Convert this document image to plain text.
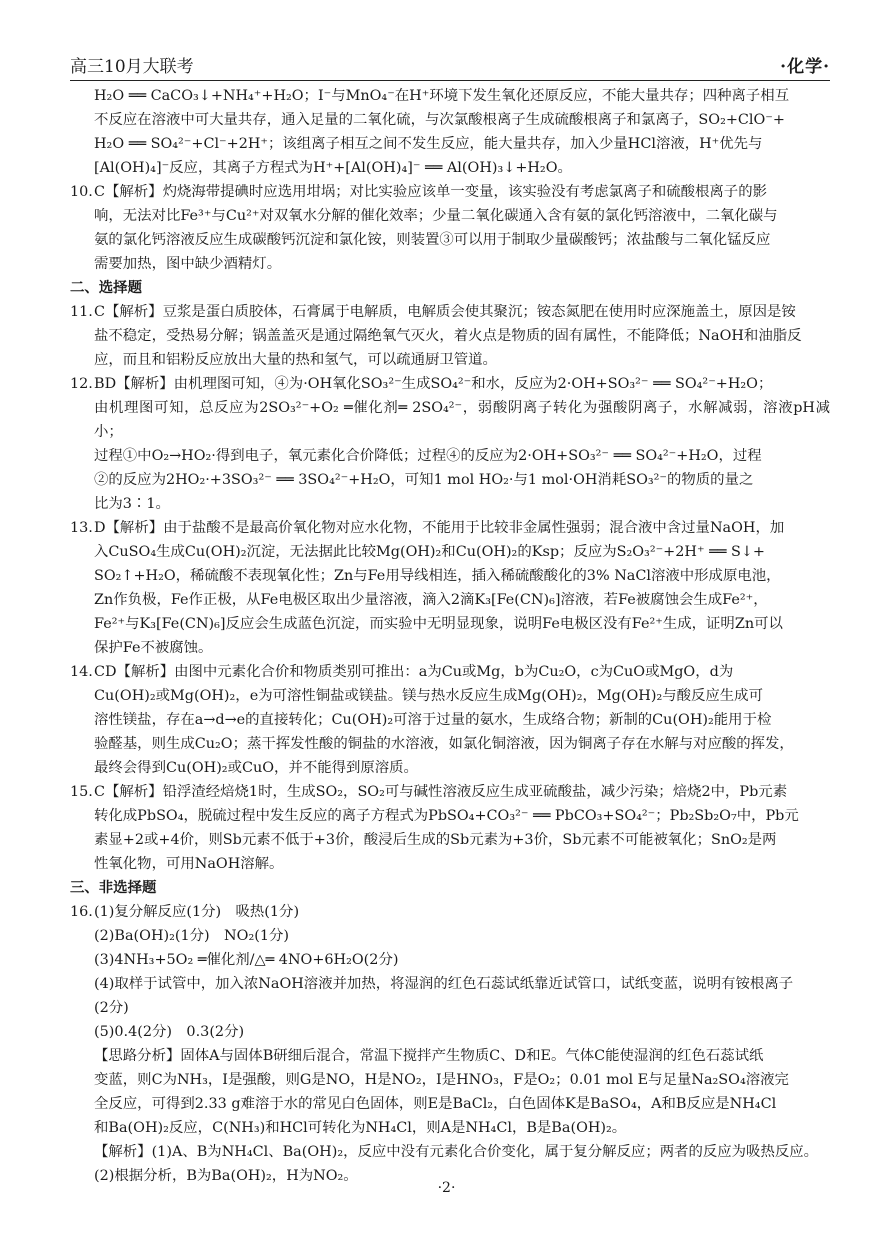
高三10月大联考	·化学·

H₂O ══ CaCO₃↓+NH₄⁺+H₂O；I⁻与MnO₄⁻在H⁺环境下发生氧化还原反应，不能大量共存；四种离子相互

不反应在溶液中可大量共存，通入足量的二氧化硫，与次氯酸根离子生成硫酸根离子和氯离子，SO₂+ClO⁻+

H₂O ══ SO₄²⁻+Cl⁻+2H⁺；该组离子相互之间不发生反应，能大量共存，加入少量HCl溶液，H⁺优先与

[Al(OH)₄]⁻反应，其离子方程式为H⁺+[Al(OH)₄]⁻ ══ Al(OH)₃↓+H₂O。

10.C【解析】灼烧海带提碘时应选用坩埚；对比实验应该单一变量，该实验没有考虑氯离子和硫酸根离子的影

响，无法对比Fe³⁺与Cu²⁺对双氧水分解的催化效率；少量二氧化碳通入含有氨的氯化钙溶液中，二氧化碳与

氨的氯化钙溶液反应生成碳酸钙沉淀和氯化铵，则装置③可以用于制取少量碳酸钙；浓盐酸与二氧化锰反应

需要加热，图中缺少酒精灯。

二、选择题

11.C【解析】豆浆是蛋白质胶体，石膏属于电解质，电解质会使其聚沉；铵态氮肥在使用时应深施盖土，原因是铵

盐不稳定，受热易分解；锅盖盖灭是通过隔绝氧气灭火，着火点是物质的固有属性，不能降低；NaOH和油脂反

应，而且和铝粉反应放出大量的热和氢气，可以疏通厨卫管道。

12.BD【解析】由机理图可知，④为·OH氧化SO₃²⁻生成SO₄²⁻和水，反应为2·OH+SO₃²⁻ ══ SO₄²⁻+H₂O；

由机理图可知，总反应为2SO₃²⁻+O₂ ═催化剂═ 2SO₄²⁻，弱酸阴离子转化为强酸阴离子，水解减弱，溶液pH减小；

过程①中O₂→HO₂·得到电子，氧元素化合价降低；过程④的反应为2·OH+SO₃²⁻ ══ SO₄²⁻+H₂O，过程

②的反应为2HO₂·+3SO₃²⁻ ══ 3SO₄²⁻+H₂O，可知1 mol HO₂·与1 mol·OH消耗SO₃²⁻的物质的量之

比为3∶1。

13.D【解析】由于盐酸不是最高价氧化物对应水化物，不能用于比较非金属性强弱；混合液中含过量NaOH，加

入CuSO₄生成Cu(OH)₂沉淀，无法据此比较Mg(OH)₂和Cu(OH)₂的Ksp；反应为S₂O₃²⁻+2H⁺ ══ S↓+

SO₂↑+H₂O，稀硫酸不表现氧化性；Zn与Fe用导线相连，插入稀硫酸酸化的3% NaCl溶液中形成原电池，

Zn作负极，Fe作正极，从Fe电极区取出少量溶液，滴入2滴K₃[Fe(CN)₆]溶液，若Fe被腐蚀会生成Fe²⁺，

Fe²⁺与K₃[Fe(CN)₆]反应会生成蓝色沉淀，而实验中无明显现象，说明Fe电极区没有Fe²⁺生成，证明Zn可以

保护Fe不被腐蚀。

14.CD【解析】由图中元素化合价和物质类别可推出：a为Cu或Mg，b为Cu₂O，c为CuO或MgO，d为

Cu(OH)₂或Mg(OH)₂，e为可溶性铜盐或镁盐。镁与热水反应生成Mg(OH)₂，Mg(OH)₂与酸反应生成可

溶性镁盐，存在a→d→e的直接转化；Cu(OH)₂可溶于过量的氨水，生成络合物；新制的Cu(OH)₂能用于检

验醛基，则生成Cu₂O；蒸干挥发性酸的铜盐的水溶液，如氯化铜溶液，因为铜离子存在水解与对应酸的挥发，

最终会得到Cu(OH)₂或CuO，并不能得到原溶质。

15.C【解析】铅浮渣经焙烧1时，生成SO₂，SO₂可与碱性溶液反应生成亚硫酸盐，减少污染；焙烧2中，Pb元素

转化成PbSO₄，脱硫过程中发生反应的离子方程式为PbSO₄+CO₃²⁻ ══ PbCO₃+SO₄²⁻；Pb₂Sb₂O₇中，Pb元

素显+2或+4价，则Sb元素不低于+3价，酸浸后生成的Sb元素为+3价，Sb元素不可能被氧化；SnO₂是两

性氧化物，可用NaOH溶解。

三、非选择题

16.(1)复分解反应(1分)　吸热(1分)

(2)Ba(OH)₂(1分)　NO₂(1分)

(3)4NH₃+5O₂ ═催化剂/△═ 4NO+6H₂O(2分)

(4)取样于试管中，加入浓NaOH溶液并加热，将湿润的红色石蕊试纸靠近试管口，试纸变蓝，说明有铵根离子

(2分)

(5)0.4(2分)　0.3(2分)

【思路分析】固体A与固体B研细后混合，常温下搅拌产生物质C、D和E。气体C能使湿润的红色石蕊试纸

变蓝，则C为NH₃，I是强酸，则G是NO，H是NO₂，I是HNO₃，F是O₂；0.01 mol E与足量Na₂SO₄溶液完

全反应，可得到2.33 g难溶于水的常见白色固体，则E是BaCl₂，白色固体K是BaSO₄，A和B反应是NH₄Cl

和Ba(OH)₂反应，C(NH₃)和HCl可转化为NH₄Cl，则A是NH₄Cl，B是Ba(OH)₂。

【解析】(1)A、B为NH₄Cl、Ba(OH)₂，反应中没有元素化合价变化，属于复分解反应；两者的反应为吸热反应。

(2)根据分析，B为Ba(OH)₂，H为NO₂。

·2·
